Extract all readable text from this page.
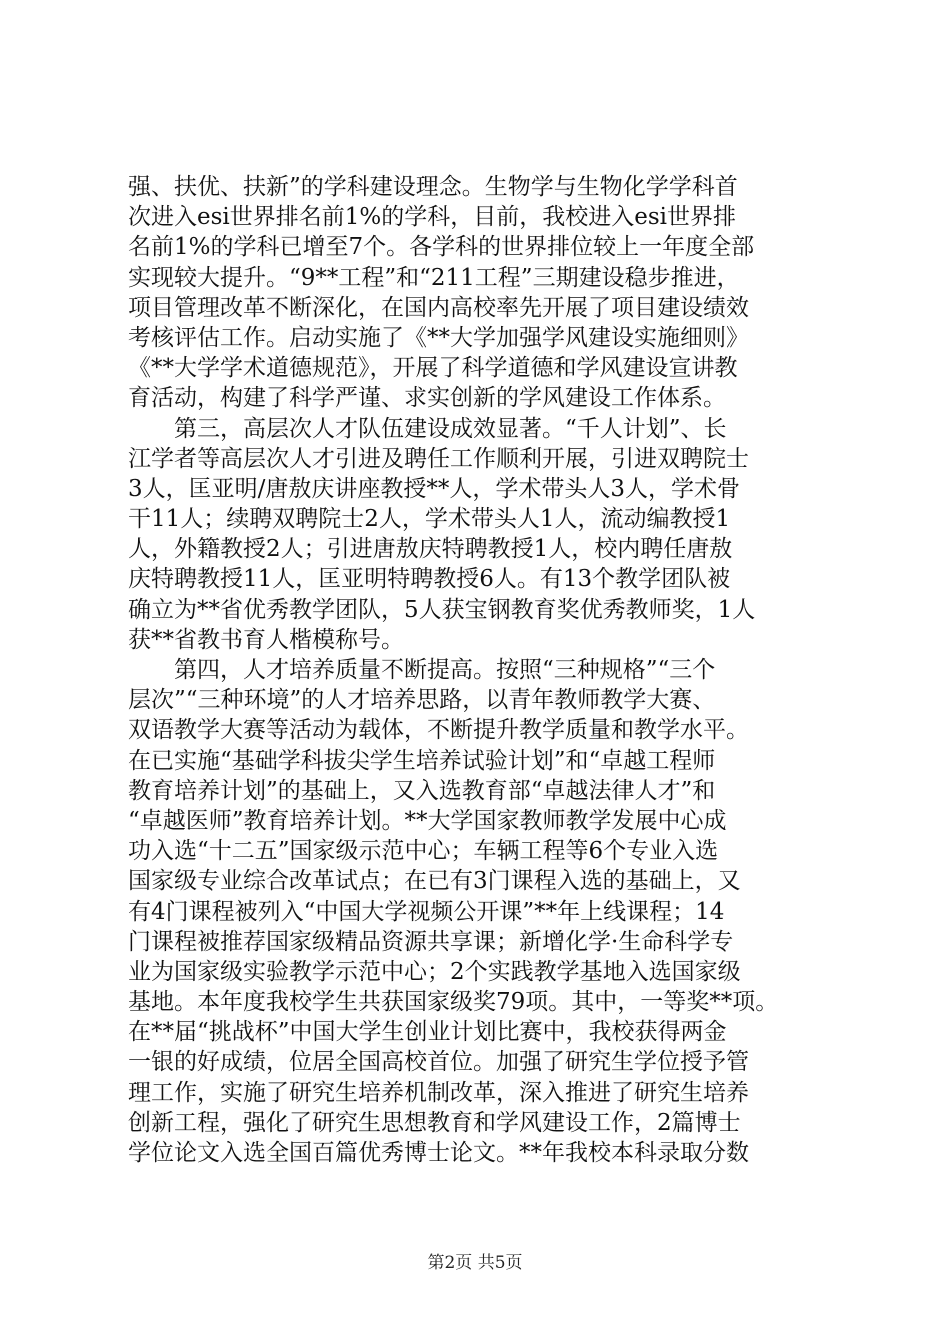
强、扶优、扶新”的学科建设理念。生物学与生物化学学科首
次进入esi世界排名前1%的学科，目前，我校进入esi世界排
名前1%的学科已增至7个。各学科的世界排位较上一年度全部
实现较大提升。“9**工程”和“211工程”三期建设稳步推进，
项目管理改革不断深化，在国内高校率先开展了项目建设绩效
考核评估工作。启动实施了《**大学加强学风建设实施细则》
《**大学学术道德规范》，开展了科学道德和学风建设宣讲教
育活动，构建了科学严谨、求实创新的学风建设工作体系。
　　第三，高层次人才队伍建设成效显著。“千人计划”、长
江学者等高层次人才引进及聘任工作顺利开展，引进双聘院士
3人，匡亚明/唐敖庆讲座教授**人，学术带头人3人，学术骨
干11人；续聘双聘院士2人，学术带头人1人，流动编教授1
人，外籍教授2人；引进唐敖庆特聘教授1人，校内聘任唐敖
庆特聘教授11人，匡亚明特聘教授6人。有13个教学团队被
确立为**省优秀教学团队，5人获宝钢教育奖优秀教师奖，1人
获**省教书育人楷模称号。
　　第四，人才培养质量不断提高。按照“三种规格”“三个
层次”“三种环境”的人才培养思路，以青年教师教学大赛、
双语教学大赛等活动为载体，不断提升教学质量和教学水平。
在已实施“基础学科拔尖学生培养试验计划”和“卓越工程师
教育培养计划”的基础上，又入选教育部“卓越法律人才”和
“卓越医师”教育培养计划。**大学国家教师教学发展中心成
功入选“十二五”国家级示范中心；车辆工程等6个专业入选
国家级专业综合改革试点；在已有3门课程入选的基础上，又
有4门课程被列入“中国大学视频公开课”**年上线课程；14
门课程被推荐国家级精品资源共享课；新增化学·生命科学专
业为国家级实验教学示范中心；2个实践教学基地入选国家级
基地。本年度我校学生共获国家级奖79项。其中，一等奖**项。
在**届“挑战杯”中国大学生创业计划比赛中，我校获得两金
一银的好成绩，位居全国高校首位。加强了研究生学位授予管
理工作，实施了研究生培养机制改革，深入推进了研究生培养
创新工程，强化了研究生思想教育和学风建设工作，2篇博士
学位论文入选全国百篇优秀博士论文。**年我校本科录取分数
第2页 共5页
